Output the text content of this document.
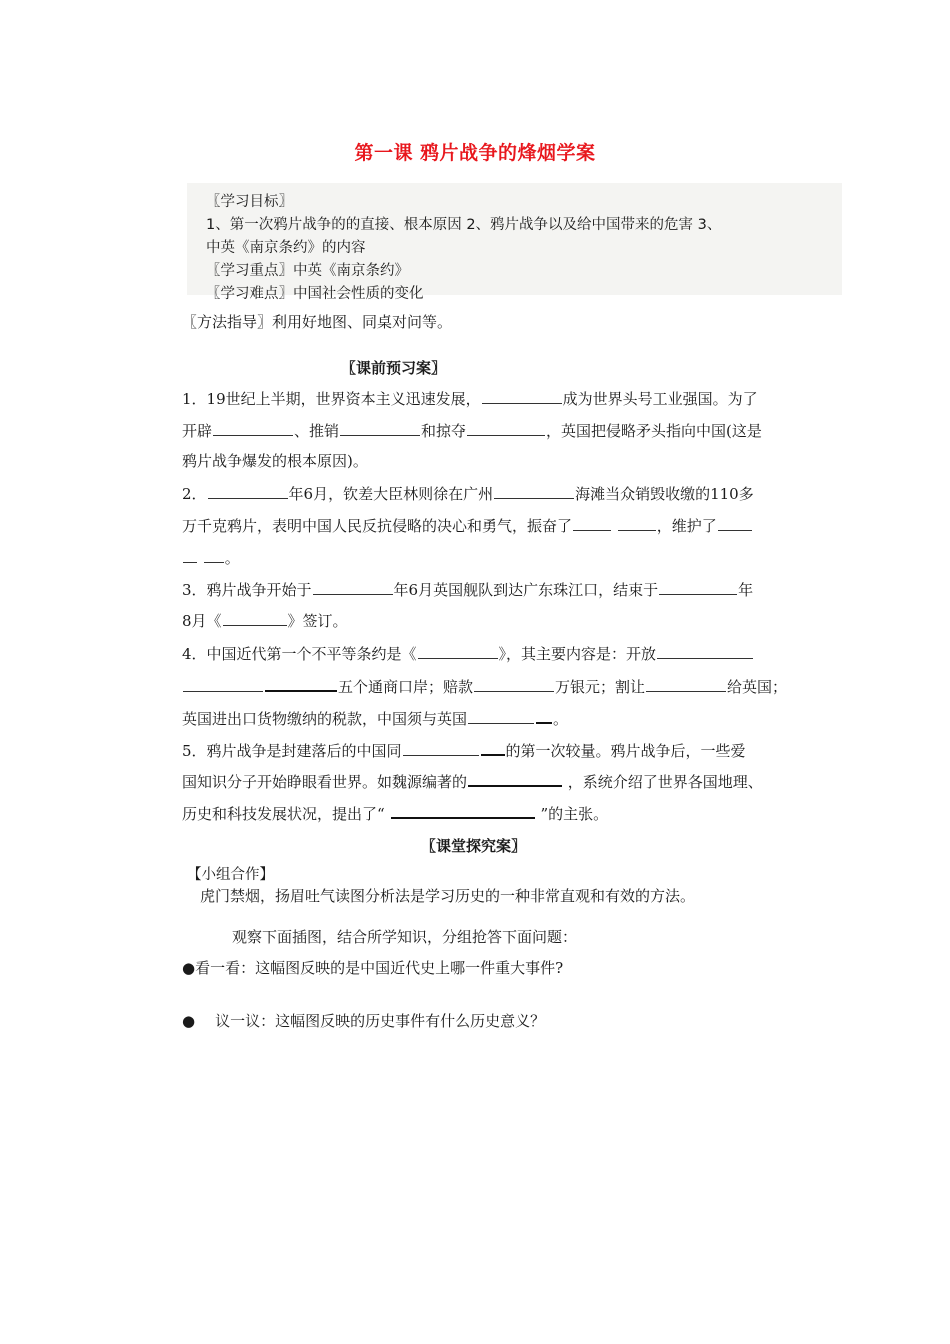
第一课 鸦片战争的烽烟学案
〖学习目标〗
1、第一次鸦片战争的的直接、根本原因 2、鸦片战争以及给中国带来的危害 3、
中英《南京条约》的内容
〖学习重点〗中英《南京条约》
〖学习难点〗中国社会性质的变化
〖方法指导〗利用好地图、同桌对问等。
〖课前预习案〗
1．19世纪上半期，世界资本主义迅速发展，	成为世界头号工业强国。为了
开辟	、推销	和掠夺	，英国把侵略矛头指向中国(这是
鸦片战争爆发的根本原因)。
2．	年6月，钦差大臣林则徐在广州	海滩当众销毁收缴的110多
万千克鸦片，表明中国人民反抗侵略的决心和勇气，振奋了	，维护了
。
3．鸦片战争开始于	年6月英国舰队到达广东珠江口，结束于	年
8月《	》签订。
4．中国近代第一个不平等条约是《	》，其主要内容是：开放
五个通商口岸；赔款	万银元；割让	给英国；
英国进出口货物缴纳的税款，中国须与英国	。
5．鸦片战争是封建落后的中国同	的第一次较量。鸦片战争后，一些爱
国知识分子开始睁眼看世界。如魏源编著的	，系统介绍了世界各国地理、
历史和科技发展状况，提出了“	”的主张。
〖课堂探究案〗
【小组合作】
虎门禁烟，扬眉吐气读图分析法是学习历史的一种非常直观和有效的方法。
观察下面插图，结合所学知识，分组抢答下面问题：
●看一看：这幅图反映的是中国近代史上哪一件重大事件?
● 议一议：这幅图反映的历史事件有什么历史意义？
